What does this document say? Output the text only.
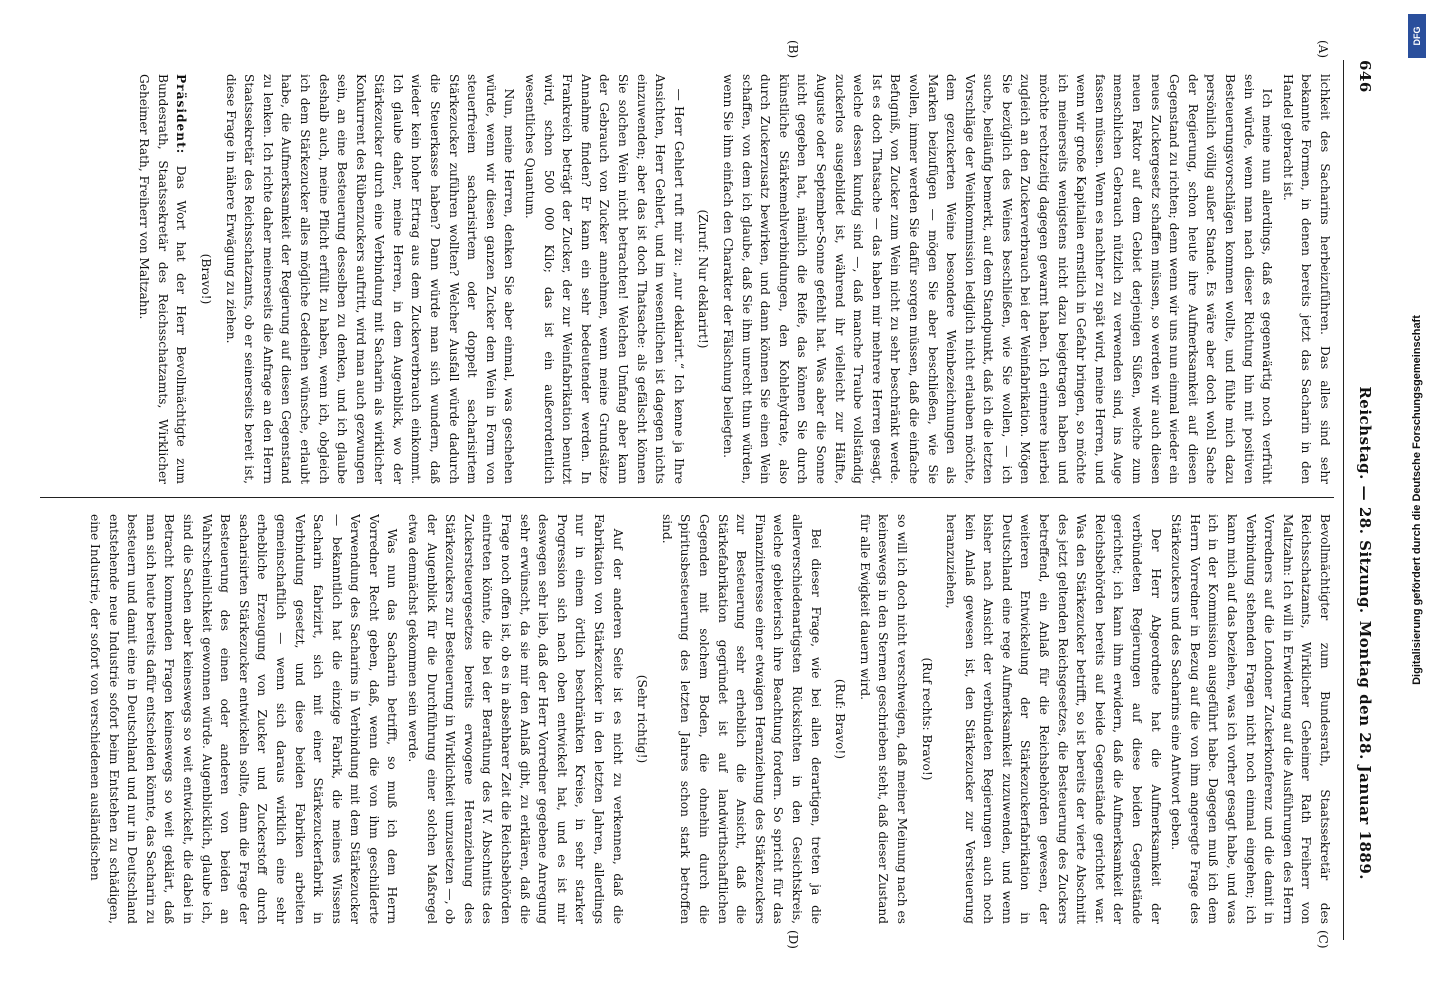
646
Reichstag. — 28. Sitzung.
Montag den 28. Januar 1889.
(A)
(B)
(C)
(D)

lichkeit des Sacharins herbeizuführen. Das alles sind sehr bekannte Formen, in denen bereits jetzt das Sacharin in den Handel gebracht ist.

Ich meine nun allerdings, daß es gegenwärtig noch verfrüht sein würde, wenn man nach dieser Richtung hin mit positiven Besteuerungsvorschlägen kommen wollte, und fühle mich dazu persönlich völlig außer Stande. Es wäre aber doch wohl Sache der Regierung, schon heute ihre Aufmerksamkeit auf diesen Gegenstand zu richten; denn wenn wir uns nun einmal wieder ein neues Zuckergesetz schaffen müssen, so werden wir auch diesen neuen Faktor auf dem Gebiet derjenigen Süßen, welche zum menschlichen Gebrauch nützlich zu verwenden sind, ins Auge fassen müssen. Wenn es nachher zu spät wird, meine Herren, und wenn wir große Kapitalien ernstlich in Gefahr bringen, so möchte ich meinerseits wenigstens nicht dazu beigetragen haben und möchte rechtzeitig dagegen gewarnt haben. Ich erinnere hierbei zugleich an den Zuckerverbrauch bei der Weinfabrikation. Mögen Sie bezüglich des Weines beschließen, wie Sie wollen, — ich suche, beiläufig bemerkt, auf dem Standpunkt, daß ich die letzten Vorschläge der Weinkommission lediglich nicht erlauben möchte, dem gezuckerten Weine besondere Weinbezeichnungen als Marken beizufügen — mögen Sie aber beschließen, wie Sie wollen, immer werden Sie dafür sorgen müssen, daß die einfache Befugniß, von Zucker zum Wein nicht zu sehr beschränkt werde. Ist es doch Thatsache — das haben mir mehrere Herren gesagt, welche dessen kundig sind —, daß manche Traube vollständig zuckerlos ausgebildet ist, während ihr vielleicht zur Hälfte, Auguste oder September-Sonne gefehlt hat. Was aber die Sonne nicht gegeben hat, nämlich die Reife, das können Sie durch künstliche Stärkemehlverbindungen, den Kohlehydrate, also durch Zuckerzusatz bewirken, und dann können Sie einen Wein schaffen, von dem ich glaube, daß Sie ihm unrecht thun würden, wenn Sie ihm einfach den Charakter der Fälschung beilegten.

(Zuruf: Nur deklarirt!)

— Herr Gehlert ruft mir zu: „nur deklarirt.“ Ich kenne ja Ihre Ansichten, Herr Gehlert, und im wesentlichen ist dagegen nichts einzuwenden; aber das ist doch Thatsache: als gefälscht können Sie solchen Wein nicht betrachten! Welchen Umfang aber kann der Gebrauch von Zucker annehmen, wenn meine Grundsätze Annahme finden? Er kann ein sehr bedeutender werden. In Frankreich beträgt der Zucker, der zur Weinfabrikation benutzt wird, schon 500 000 Kilo; das ist ein außerordentlich wesentliches Quantum.

Nun, meine Herren, denken Sie aber einmal, was geschehen würde, wenn wir diesen ganzen Zucker dem Wein in Form von steuerfreiem sacharisirtem oder doppelt sacharisirtem Stärkezucker zuführen wollten? Welcher Ausfall würde dadurch die Steuerkasse haben? Dann würde man sich wundern, daß wieder kein hoher Ertrag aus dem Zuckerverbrauch einkommt. Ich glaube daher, meine Herren, in dem Augenblick, wo der Stärkezucker durch eine Verbindung mit Sacharin als wirklicher Konkurrent des Rübenzuckers auftritt, wird man auch gezwungen sein, an eine Besteuerung desselben zu denken, und ich glaube deshalb auch, meine Pflicht erfüllt zu haben, wenn ich, obgleich ich dem Stärkezucker alles mögliche Gedeihen wünsche, erlaubt habe, die Aufmerksamkeit der Regierung auf diesen Gegenstand zu lenken. Ich richte daher meinerseits die Anfrage an den Herrn Staatssekretär des Reichsschatzamts, ob er seinerseits bereit ist, diese Frage in nähere Erwägung zu ziehen.

(Bravo!)

Präsident: Das Wort hat der Herr Bevollmächtigte zum Bundesrath, Staatssekretär des Reichsschatzamts, Wirklicher Geheimer Rath, Freiherr von Maltzahn.

Bevollmächtigter zum Bundesrath, Staatssekretär des Reichsschatzamts, Wirklicher Geheimer Rath Freiherr von Maltzahn: Ich will in Erwiderung auf die Ausführungen des Herrn Vorredners auf die Londoner Zuckerkonferenz und die damit in Verbindung stehenden Fragen nicht noch einmal eingehen; ich kann mich auf das beziehen, was ich vorher gesagt habe, und was ich in der Kommission ausgeführt habe. Dagegen muß ich dem Herrn Vorredner in Bezug auf die von ihm angeregte Frage des Stärkezuckers und des Sacharins eine Antwort geben.

Der Herr Abgeordnete hat die Aufmerksamkeit der verbündeten Regierungen auf diese beiden Gegenstände gerichtet; ich kann ihm erwidern, daß die Aufmerksamkeit der Reichsbehörden bereits auf beide Gegenstände gerichtet war. Was den Stärkezucker betrifft, so ist bereits der vierte Abschnitt des jetzt geltenden Reichsgesetzes, die Besteuerung des Zuckers betreffend, ein Anlaß für die Reichsbehörden gewesen, der weiteren Entwickelung der Stärkezuckerfabrikation in Deutschland eine rege Aufmerksamkeit zuzuwenden, und wenn bisher nach Ansicht der verbündeten Regierungen auch noch kein Anlaß gewesen ist, den Stärkezucker zur Versteuerung heranzuziehen,

(Ruf rechts: Bravo!)

so will ich doch nicht verschweigen, daß meiner Meinung nach es keineswegs in den Sternen geschrieben steht, daß dieser Zustand für alle Ewigkeit dauern wird.

(Ruf: Bravo!)

Bei dieser Frage, wie bei allen derartigen, treten ja die allerverschiedenartigsten Rücksichten in den Gesichtskreis, welche gebieterisch ihre Beachtung fordern. So spricht für das Finanzinteresse einer etwaigen Heranziehung des Stärkezuckers zur Besteuerung sehr erheblich die Ansicht, daß die Stärkefabrikation gegründet ist auf landwirthschaftlichen Gegenden mit solchem Boden, die ohnehin durch die Spiritusbesteuerung des letzten Jahres schon stark betroffen sind.

(Sehr richtig!)

Auf der anderen Seite ist es nicht zu verkennen, daß die Fabrikation von Stärkezucker in den letzten Jahren, allerdings nur in einem örtlich beschränkten Kreise, in sehr starker Progression sich nach oben entwickelt hat, und es ist mir deswegen sehr lieb, daß der Herr Vorredner gegebene Anregung sehr erwünscht, da sie mir den Anlaß gibt, zu erklären, daß die Frage noch offen ist, ob es in absehbarer Zeit die Reichsbehörden eintreten könnte, die bei der Berathung des IV. Abschnitts des Zuckersteuergesetzes bereits erwogene Heranziehung des Stärkezuckers zur Besteuerung in Wirklichkeit umzusetzen —, ob der Augenblick für die Durchführung einer solchen Maßregel etwa demnächst gekommen sein werde.

Was nun das Sacharin betrifft, so muß ich dem Herrn Vorredner Recht geben, daß, wenn die von ihm geschilderte Verwendung des Sacharins in Verbindung mit dem Stärkezucker — bekanntlich hat die einzige Fabrik, die meines Wissens Sacharin fabrizirt, sich mit einer Stärkezuckerfabrik in Verbindung gesetzt, und diese beiden Fabriken arbeiten gemeinschaftlich — wenn sich daraus wirklich eine sehr erhebliche Erzeugung von Zucker und Zuckerstoff durch sacharisirten Stärkezucker entwickeln sollte, dann die Frage der Besteuerung des einen oder anderen von beiden an Wahrscheinlichkeit gewonnen würde. Augenblicklich, glaube ich, sind die Sachen aber keineswegs so weit entwickelt, die dabei in Betracht kommenden Fragen keineswegs so weit geklärt, daß man sich heute bereits dafür entscheiden könnte, das Sacharin zu besteuern und damit eine in Deutschland und nur in Deutschland entstehende neue Industrie sofort beim Entstehen zu schädigen, eine Industrie, der sofort von verschiedenen ausländischen

DFG
Digitalisierung gefördert durch die Deutsche Forschungsgemeinschaft
